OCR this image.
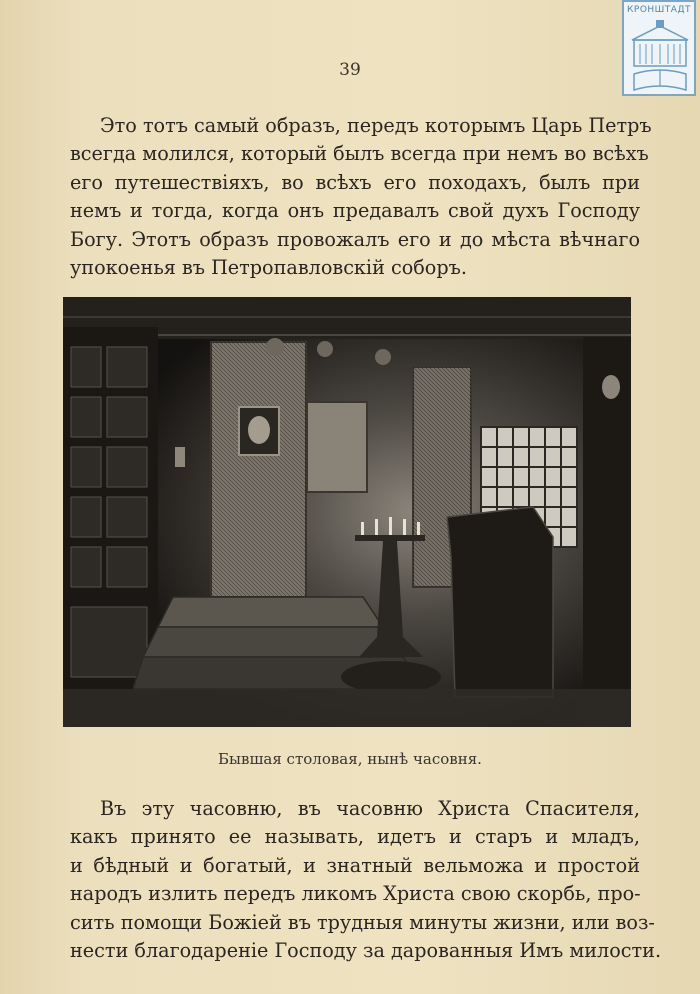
КРОНШТАДТ
39
Это тотъ самый образъ, передъ которымъ Царь Петръ
всегда молился, который былъ всегда при немъ во всѣхъ
его путешествiяхъ, во всѣхъ его походахъ, былъ при
немъ и тогда, когда онъ предавалъ свой духъ Господу
Богу. Этотъ образъ провожалъ его и до мѣста вѣчнаго
упокоенья въ Петропавловскiй соборъ.
Бывшая столовая, нынѣ часовня.
Въ эту часовню, въ часовню Христа Спасителя,
какъ принято ее называть, идетъ и старъ и младъ,
и бѣдный и богатый, и знатный вельможа и простой
народъ излить передъ ликомъ Христа свою скорбь, про-
сить помощи Божiей въ трудныя минуты жизни, или воз-
нести благодаренiе Господу за дарованныя Имъ милости.
